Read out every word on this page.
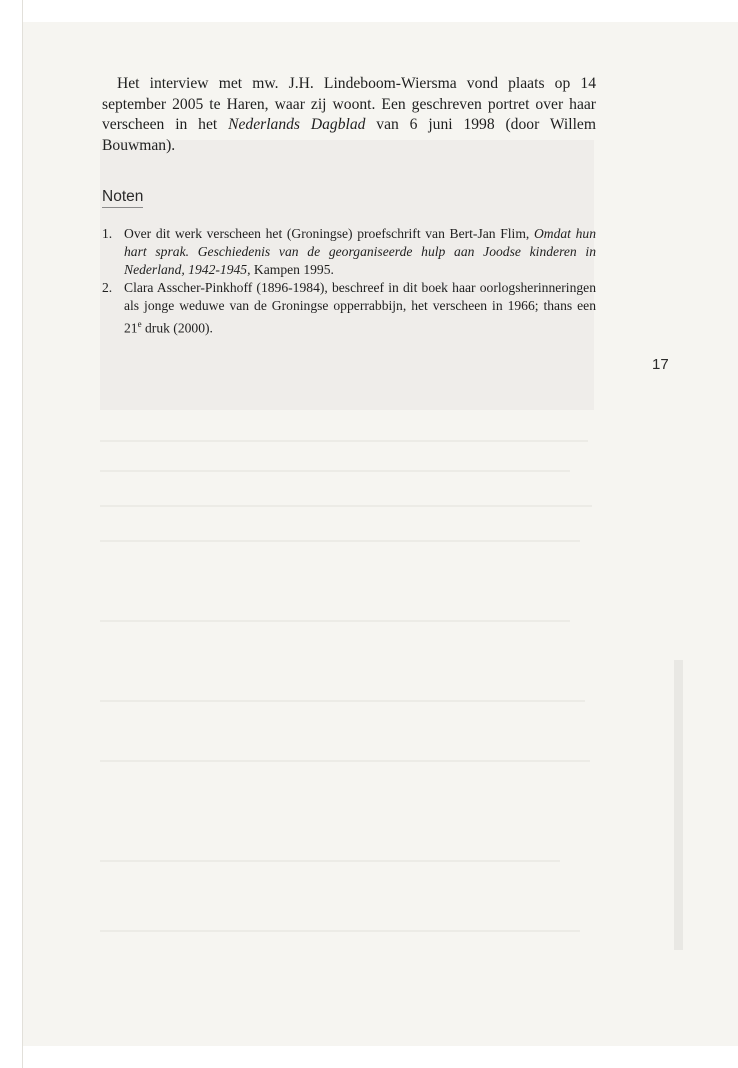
Het interview met mw. J.H. Lindeboom-Wiersma vond plaats op 14 september 2005 te Haren, waar zij woont. Een geschreven portret over haar verscheen in het Nederlands Dagblad van 6 juni 1998 (door Willem Bouwman).

Noten
1. Over dit werk verscheen het (Groningse) proefschrift van Bert-Jan Flim, Omdat hun hart sprak. Geschiedenis van de georganiseerde hulp aan Joodse kinderen in Nederland, 1942-1945, Kampen 1995.
2. Clara Asscher-Pinkhoff (1896-1984), beschreef in dit boek haar oorlogsherinneringen als jonge weduwe van de Groningse opperrabbijn, het verscheen in 1966; thans een 21e druk (2000).
17
